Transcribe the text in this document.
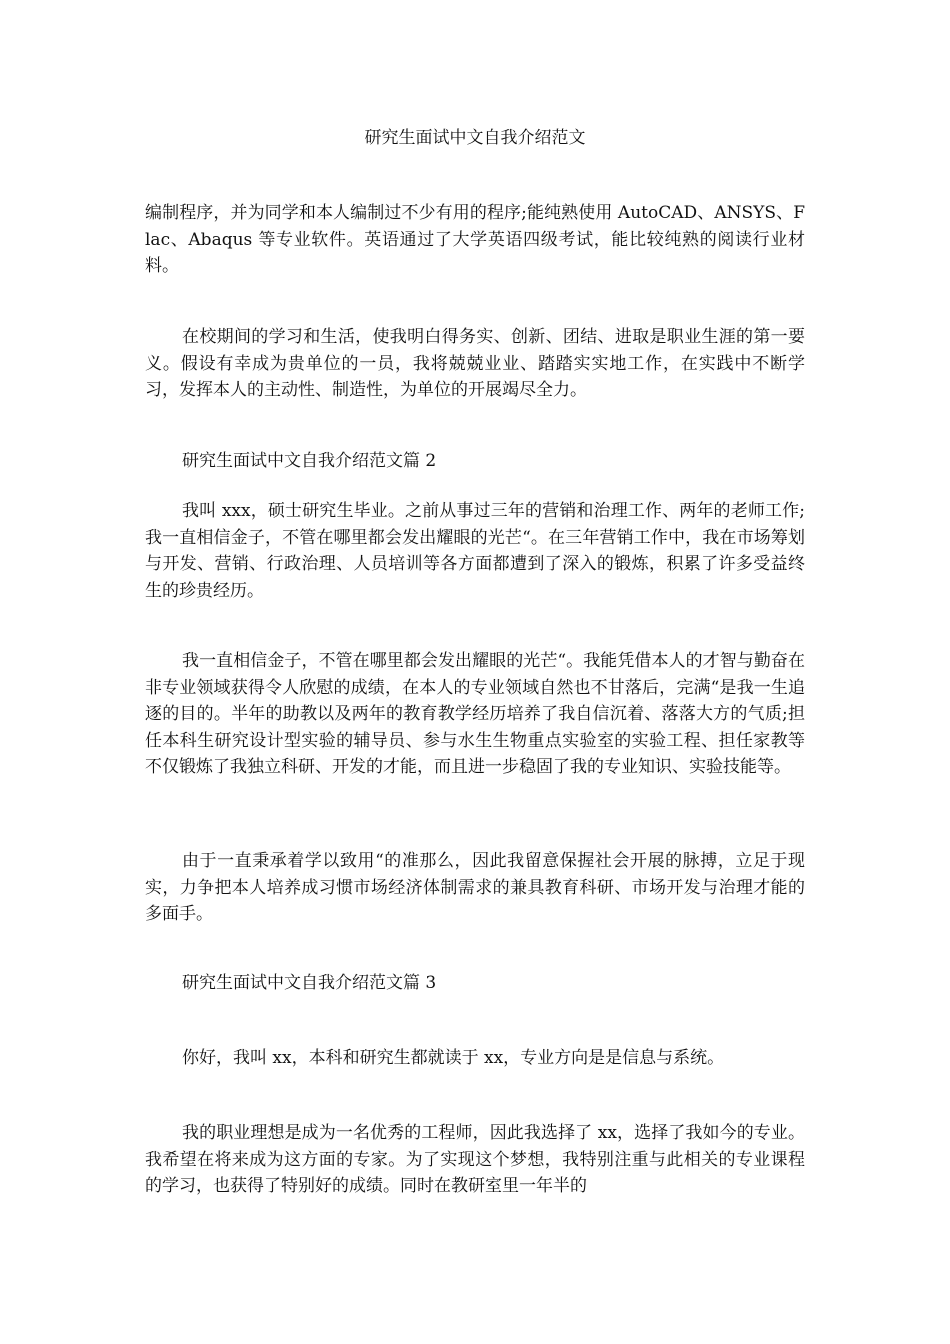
研究生面试中文自我介绍范文

编制程序，并为同学和本人编制过不少有用的程序;能纯熟使用 AutoCAD、ANSYS、Flac、Abaqus 等专业软件。英语通过了大学英语四级考试，能比较纯熟的阅读行业材料。

在校期间的学习和生活，使我明白得务实、创新、团结、进取是职业生涯的第一要义。假设有幸成为贵单位的一员，我将兢兢业业、踏踏实实地工作，在实践中不断学习，发挥本人的主动性、制造性，为单位的开展竭尽全力。

研究生面试中文自我介绍范文篇 2

我叫 xxx，硕士研究生毕业。之前从事过三年的营销和治理工作、两年的老师工作;我一直相信金子，不管在哪里都会发出耀眼的光芒“。在三年营销工作中，我在市场筹划与开发、营销、行政治理、人员培训等各方面都遭到了深入的锻炼，积累了许多受益终生的珍贵经历。

我一直相信金子，不管在哪里都会发出耀眼的光芒“。我能凭借本人的才智与勤奋在非专业领域获得令人欣慰的成绩，在本人的专业领域自然也不甘落后，完满“是我一生追逐的目的。半年的助教以及两年的教育教学经历培养了我自信沉着、落落大方的气质;担任本科生研究设计型实验的辅导员、参与水生生物重点实验室的实验工程、担任家教等不仅锻炼了我独立科研、开发的才能，而且进一步稳固了我的专业知识、实验技能等。

由于一直秉承着学以致用“的准那么，因此我留意保握社会开展的脉搏，立足于现实，力争把本人培养成习惯市场经济体制需求的兼具教育科研、市场开发与治理才能的多面手。

研究生面试中文自我介绍范文篇 3

你好，我叫 xx，本科和研究生都就读于 xx，专业方向是是信息与系统。

我的职业理想是成为一名优秀的工程师，因此我选择了 xx，选择了我如今的专业。我希望在将来成为这方面的专家。为了实现这个梦想，我特别注重与此相关的专业课程的学习，也获得了特别好的成绩。同时在教研室里一年半的
